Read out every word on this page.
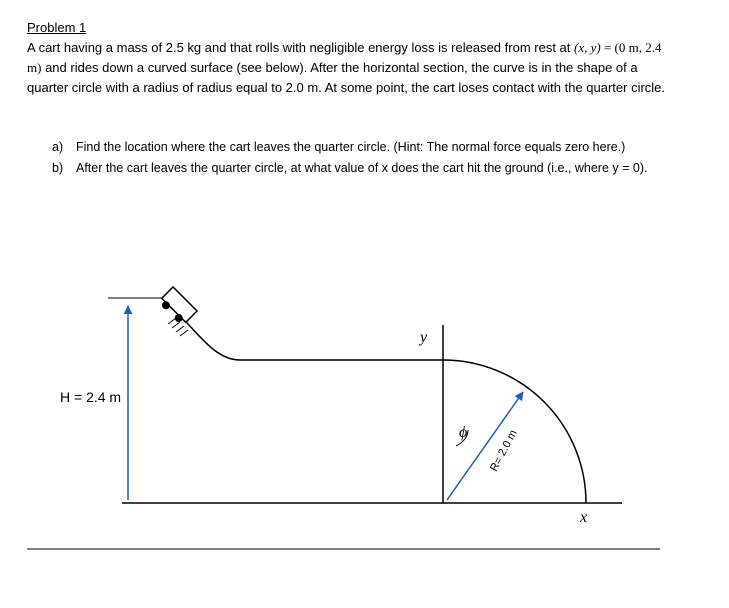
Problem 1
A cart having a mass of 2.5 kg and that rolls with negligible energy loss is released from rest at (x, y) = (0 m, 2.4 m) and rides down a curved surface (see below). After the horizontal section, the curve is in the shape of a quarter circle with a radius of radius equal to 2.0 m. At some point, the cart loses contact with the quarter circle.
a)	Find the location where the cart leaves the quarter circle. (Hint: The normal force equals zero here.)
b)	After the cart leaves the quarter circle, at what value of x does the cart hit the ground (i.e., where y = 0).
H = 2.4 m
y
R= 2.0 m
ϕ
x
